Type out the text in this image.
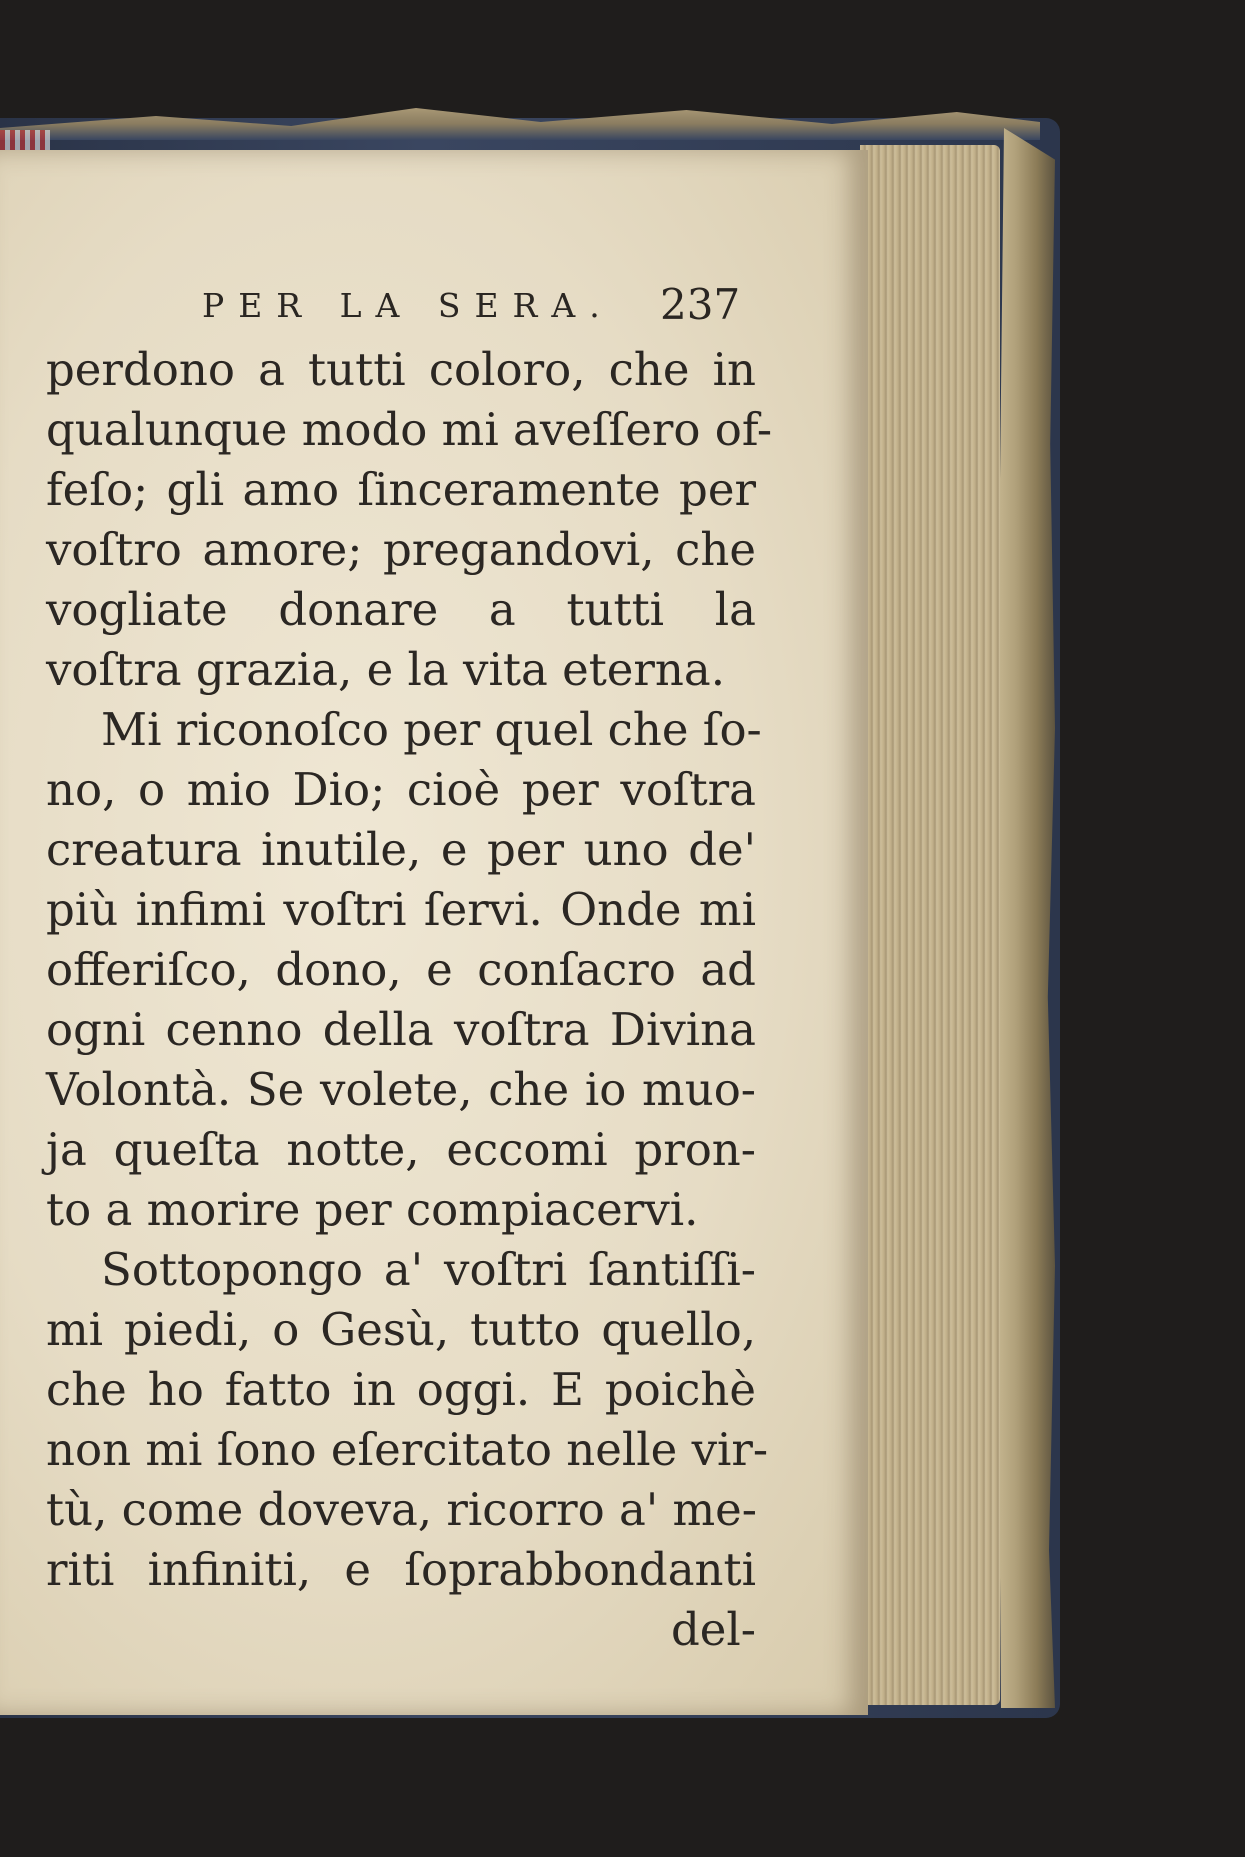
PER LA SERA. 237
perdono a tutti coloro, che in
qualunque modo mi aveſſero of-
feſo; gli amo ſinceramente per
voſtro amore; pregandovi, che
vogliate donare a tutti la
voſtra grazia, e la vita eterna.
Mi riconoſco per quel che ſo-
no, o mio Dio; cioè per voſtra
creatura inutile, e per uno de'
più infimi voſtri ſervi. Onde mi
offeriſco, dono, e conſacro ad
ogni cenno della voſtra Divina
Volontà. Se volete, che io muo-
ja queſta notte, eccomi pron-
to a morire per compiacervi.
Sottopongo a' voſtri ſantiſſi-
mi piedi, o Gesù, tutto quello,
che ho fatto in oggi. E poichè
non mi ſono eſercitato nelle vir-
tù, come doveva, ricorro a' me-
riti infiniti, e ſoprabbondanti
del-
